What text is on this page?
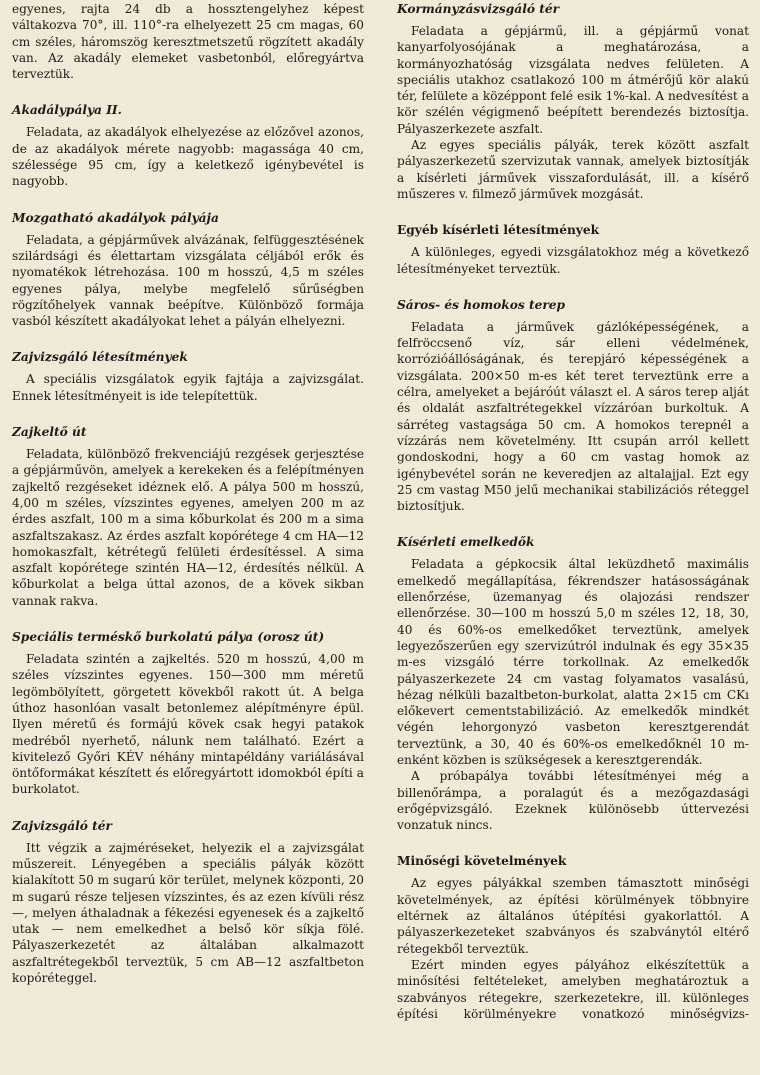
egyenes, rajta 24 db a hossztengelyhez képest váltakozva 70°, ill. 110°-ra elhelyezett 25 cm magas, 60 cm széles, háromszög keresztmetszetű rögzített akadály van. Az akadály elemeket vasbetonból, előregyártva terveztük.

Akadálypálya II.

Feladata, az akadályok elhelyezése az előzővel azonos, de az akadályok mérete nagyobb: magassága 40 cm, szélessége 95 cm, így a keletkező igénybevétel is nagyobb.

Mozgatható akadályok pályája

Feladata, a gépjárművek alvázának, felfüggesztésének szilárdsági és élettartam vizsgálata céljából erők és nyomatékok létrehozása. 100 m hosszú, 4,5 m széles egyenes pálya, melybe megfelelő sűrűségben rögzítőhelyek vannak beépítve. Különböző formája vasból készített akadályokat lehet a pályán elhelyezni.

Zajvizsgáló létesítmények

A speciális vizsgálatok egyik fajtája a zajvizsgálat. Ennek létesítményeit is ide telepítettük.

Zajkeltő út

Feladata, különböző frekvenciájú rezgések gerjesztése a gépjárművön, amelyek a kerekeken és a felépítményen zajkeltő rezgéseket idéznek elő. A pálya 500 m hosszú, 4,00 m széles, vízszintes egyenes, amelyen 200 m az érdes aszfalt, 100 m a sima kőburkolat és 200 m a sima aszfaltszakasz. Az érdes aszfalt kopórétege 4 cm HA—12 homokaszfalt, kétrétegű felületi érdesítéssel. A sima aszfalt kopórétege szintén HA—12, érdesítés nélkül. A kőburkolat a belga úttal azonos, de a kövek sikban vannak rakva.

Speciális terméskő burkolatú pálya (orosz út)

Feladata szintén a zajkeltés. 520 m hosszú, 4,00 m széles vízszintes egyenes. 150—300 mm méretű legömbölyített, görgetett kövekből rakott út. A belga úthoz hasonlóan vasalt betonlemez alépítményre épül. Ilyen méretű és formájú kövek csak hegyi patakok medréből nyerhető, nálunk nem található. Ezért a kivitelező Győri KÉV néhány mintapéldány variálásával öntőformákat készített és előregyártott idomokból építi a burkolatot.

Zajvizsgáló tér

Itt végzik a zajméréseket, helyezik el a zajvizsgálat műszereit. Lényegében a speciális pályák között kialakított 50 m sugarú kör terület, melynek központi, 20 m sugarú része teljesen vízszintes, és az ezen kívüli rész —, melyen áthaladnak a fékezési egyenesek és a zajkeltő utak — nem emelkedhet a belső kör síkja fölé. Pályaszerkezetét az általában alkalmazott aszfaltrétegekből terveztük, 5 cm AB—12 aszfaltbeton kopóréteggel.

Kormányzásvizsgáló tér

Feladata a gépjármű, ill. a gépjármű vonat kanyarfolyosójának a meghatározása, a kormányozhatóság vizsgálata nedves felületen. A speciális utakhoz csatlakozó 100 m átmérőjű kör alakú tér, felülete a középpont felé esik 1%-kal. A nedvesítést a kör szélén végigmenő beépített berendezés biztosítja. Pályaszerkezete aszfalt.

Az egyes speciális pályák, terek között aszfalt pályaszerkezetű szervizutak vannak, amelyek biztosítják a kísérleti járművek visszafordulását, ill. a kísérő műszeres v. filmező járművek mozgását.

Egyéb kísérleti létesítmények

A különleges, egyedi vizsgálatokhoz még a következő létesítményeket terveztük.

Sáros- és homokos terep

Feladata a járművek gázlóképességének, a felfröccsenő víz, sár elleni védelmének, korrózióállóságának, és terepjáró képességének a vizsgálata. 200×50 m-es két teret terveztünk erre a célra, amelyeket a bejáróút választ el. A sáros terep alját és oldalát aszfaltrétegekkel vízzáróan burkoltuk. A sárréteg vastagsága 50 cm. A homokos terepnél a vízzárás nem követelmény. Itt csupán arról kellett gondoskodni, hogy a 60 cm vastag homok az igénybevétel során ne keveredjen az altalajjal. Ezt egy 25 cm vastag M50 jelű mechanikai stabilizációs réteggel biztosítjuk.

Kísérleti emelkedők

Feladata a gépkocsik által leküzdhető maximális emelkedő megállapítása, fékrendszer hatásosságának ellenőrzése, üzemanyag és olajozási rendszer ellenőrzése. 30—100 m hosszú 5,0 m széles 12, 18, 30, 40 és 60%-os emelkedőket terveztünk, amelyek legyezőszerűen egy szervizútról indulnak és egy 35×35 m-es vizsgáló térre torkollnak. Az emelkedők pályaszerkezete 24 cm vastag folyamatos vasalású, hézag nélküli bazaltbeton-burkolat, alatta 2×15 cm CKı előkevert cementstabilizáció. Az emelkedők mindkét végén lehorgonyzó vasbeton keresztgerendát terveztünk, a 30, 40 és 60%-os emelkedőknél 10 m-enként közben is szükségesek a keresztgerendák.

A próbapálya további létesítményei még a billenőrámpa, a poralagút és a mezőgazdasági erőgépvizsgáló. Ezeknek különösebb úttervezési vonzatuk nincs.

Minőségi követelmények

Az egyes pályákkal szemben támasztott minőségi követelmények, az építési körülmények többnyire eltérnek az általános útépítési gyakorlattól. A pályaszerkezeteket szabványos és szabványtól eltérő rétegekből terveztük.

Ezért minden egyes pályához elkészítettük a minősítési feltételeket, amelyben meghatároztuk a szabványos rétegekre, szerkezetekre, ill. különleges építési körülményekre vonatkozó minőségvizs-
